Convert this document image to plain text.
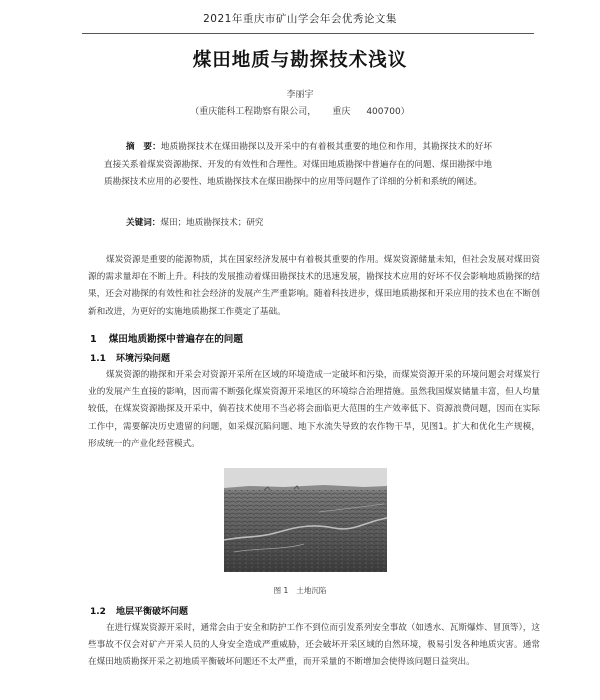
2021年重庆市矿山学会年会优秀论文集
煤田地质与勘探技术浅议
李丽宇
（重庆能科工程勘察有限公司， 重庆 400700）
摘　要：地质勘探技术在煤田勘探以及开采中的有着极其重要的地位和作用，其勘探技术的好坏直接关系着煤炭资源勘探、开发的有效性和合理性。对煤田地质勘探中普遍存在的问题、煤田勘探中地质勘探技术应用的必要性、地质勘探技术在煤田勘探中的应用等问题作了详细的分析和系统的阐述。
关键词：煤田；地质勘探技术；研究
煤炭资源是重要的能源物质，其在国家经济发展中有着极其重要的作用。煤炭资源储量未知，但社会发展对煤田资源的需求量却在不断上升。科技的发展推动着煤田勘探技术的迅速发展，勘探技术应用的好坏不仅会影响地质勘探的结果，还会对勘探的有效性和社会经济的发展产生严重影响。随着科技进步，煤田地质勘探和开采应用的技术也在不断创新和改进，为更好的实施地质勘探工作奠定了基础。
1 煤田地质勘探中普遍存在的问题
1.1 环境污染问题
煤炭资源的勘探和开采会对资源开采所在区域的环境造成一定破坏和污染，而煤炭资源开采的环境问题会对煤炭行业的发展产生直接的影响，因而需不断强化煤炭资源开采地区的环境综合治理措施。虽然我国煤炭储量丰富，但人均量较低，在煤炭资源勘探及开采中，倘若技术使用不当必将会面临更大范围的生产效率低下、资源浪费问题，因而在实际工作中，需要解决历史遗留的问题，如采煤沉陷问题、地下水流失导致的农作物干旱，见图1。扩大和优化生产规模，形成统一的产业化经营模式。
图 1 土地沉陷
1.2 地层平衡破坏问题
在进行煤炭资源开采时，通常会由于安全和防护工作不到位而引发系列安全事故（如透水、瓦斯爆炸、冒顶等），这些事故不仅会对矿产开采人员的人身安全造成严重威胁，还会破坏开采区域的自然环境，极易引发各种地质灾害。通常在煤田地质勘探开采之初地质平衡破坏问题还不太严重，而开采量的不断增加会使得该问题日益突出。
